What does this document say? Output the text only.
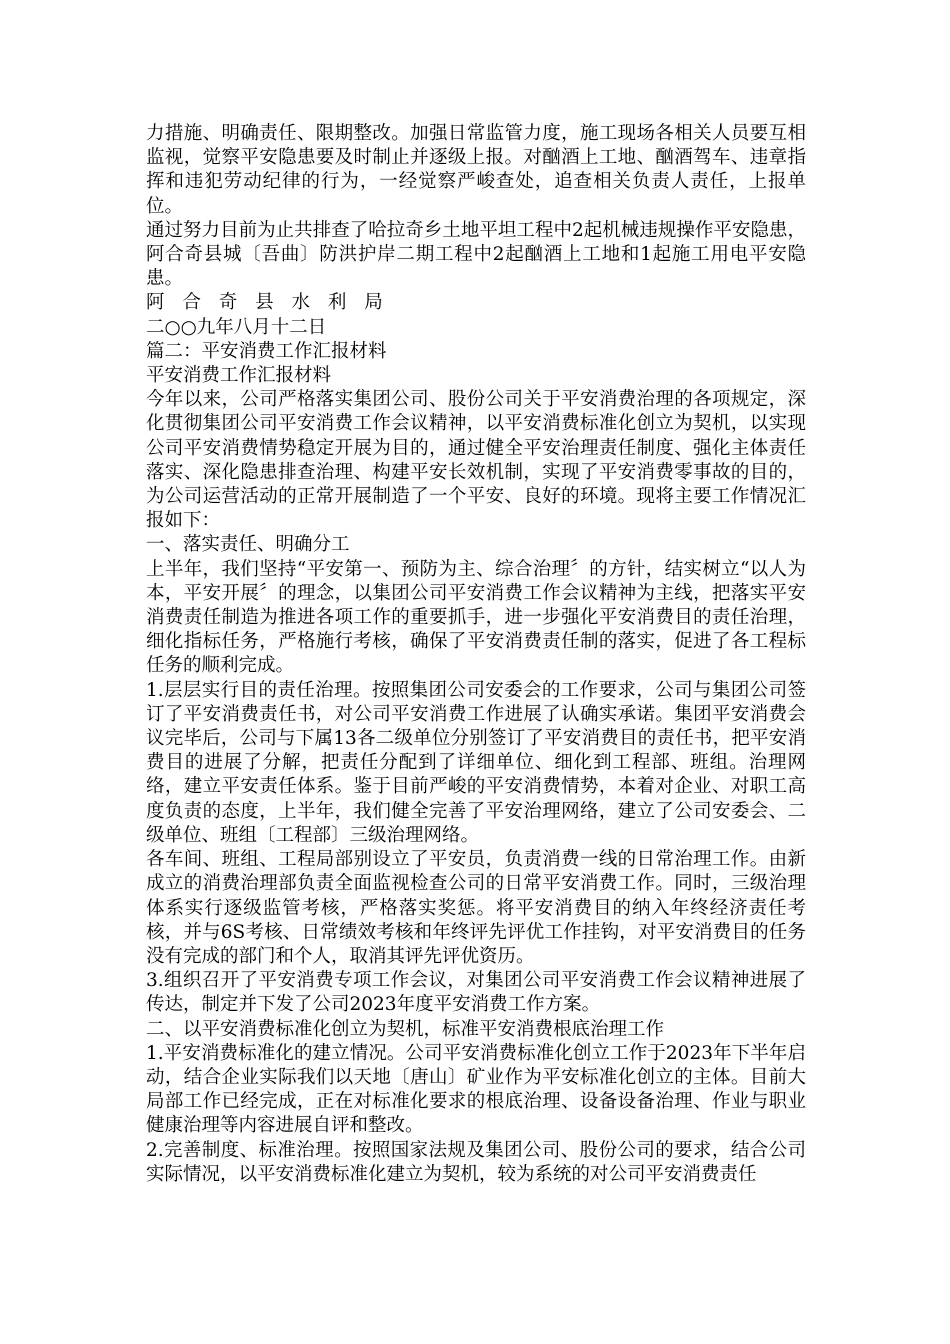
力措施、明确责任、限期整改。加强日常监管力度，施工现场各相关人员要互相监视，觉察平安隐患要及时制止并逐级上报。对酗酒上工地、酗酒驾车、违章指挥和违犯劳动纪律的行为，一经觉察严峻查处，追查相关负责人责任，上报单位。

通过努力目前为止共排查了哈拉奇乡土地平坦工程中2起机械违规操作平安隐患，阿合奇县城〔吾曲〕防洪护岸二期工程中2起酗酒上工地和1起施工用电平安隐患。

阿 合 奇 县 水 利 局

二○○九年八月十二日

篇二：平安消费工作汇报材料

平安消费工作汇报材料

今年以来，公司严格落实集团公司、股份公司关于平安消费治理的各项规定，深化贯彻集团公司平安消费工作会议精神，以平安消费标准化创立为契机，以实现公司平安消费情势稳定开展为目的，通过健全平安治理责任制度、强化主体责任落实、深化隐患排查治理、构建平安长效机制，实现了平安消费零事故的目的，为公司运营活动的正常开展制造了一个平安、良好的环境。现将主要工作情况汇报如下：

一、落实责任、明确分工

上半年，我们坚持“平安第一、预防为主、综合治理〞的方针，结实树立“以人为本，平安开展〞的理念，以集团公司平安消费工作会议精神为主线，把落实平安消费责任制造为推进各项工作的重要抓手，进一步强化平安消费目的责任治理，细化指标任务，严格施行考核，确保了平安消费责任制的落实，促进了各工程标任务的顺利完成。

1.层层实行目的责任治理。按照集团公司安委会的工作要求，公司与集团公司签订了平安消费责任书，对公司平安消费工作进展了认确实承诺。集团平安消费会议完毕后，公司与下属13各二级单位分别签订了平安消费目的责任书，把平安消费目的进展了分解，把责任分配到了详细单位、细化到工程部、班组。治理网络，建立平安责任体系。鉴于目前严峻的平安消费情势，本着对企业、对职工高度负责的态度，上半年，我们健全完善了平安治理网络，建立了公司安委会、二级单位、班组〔工程部〕三级治理网络。

各车间、班组、工程局部别设立了平安员，负责消费一线的日常治理工作。由新成立的消费治理部负责全面监视检查公司的日常平安消费工作。同时，三级治理体系实行逐级监管考核，严格落实奖惩。将平安消费目的纳入年终经济责任考核，并与6S考核、日常绩效考核和年终评先评优工作挂钩，对平安消费目的任务没有完成的部门和个人，取消其评先评优资历。

3.组织召开了平安消费专项工作会议，对集团公司平安消费工作会议精神进展了传达，制定并下发了公司2023年度平安消费工作方案。

二、以平安消费标准化创立为契机，标准平安消费根底治理工作

1.平安消费标准化的建立情况。公司平安消费标准化创立工作于2023年下半年启动，结合企业实际我们以天地〔唐山〕矿业作为平安标准化创立的主体。目前大局部工作已经完成，正在对标准化要求的根底治理、设备设备治理、作业与职业健康治理等内容进展自评和整改。

2.完善制度、标准治理。按照国家法规及集团公司、股份公司的要求，结合公司实际情况，以平安消费标准化建立为契机，较为系统的对公司平安消费责任
